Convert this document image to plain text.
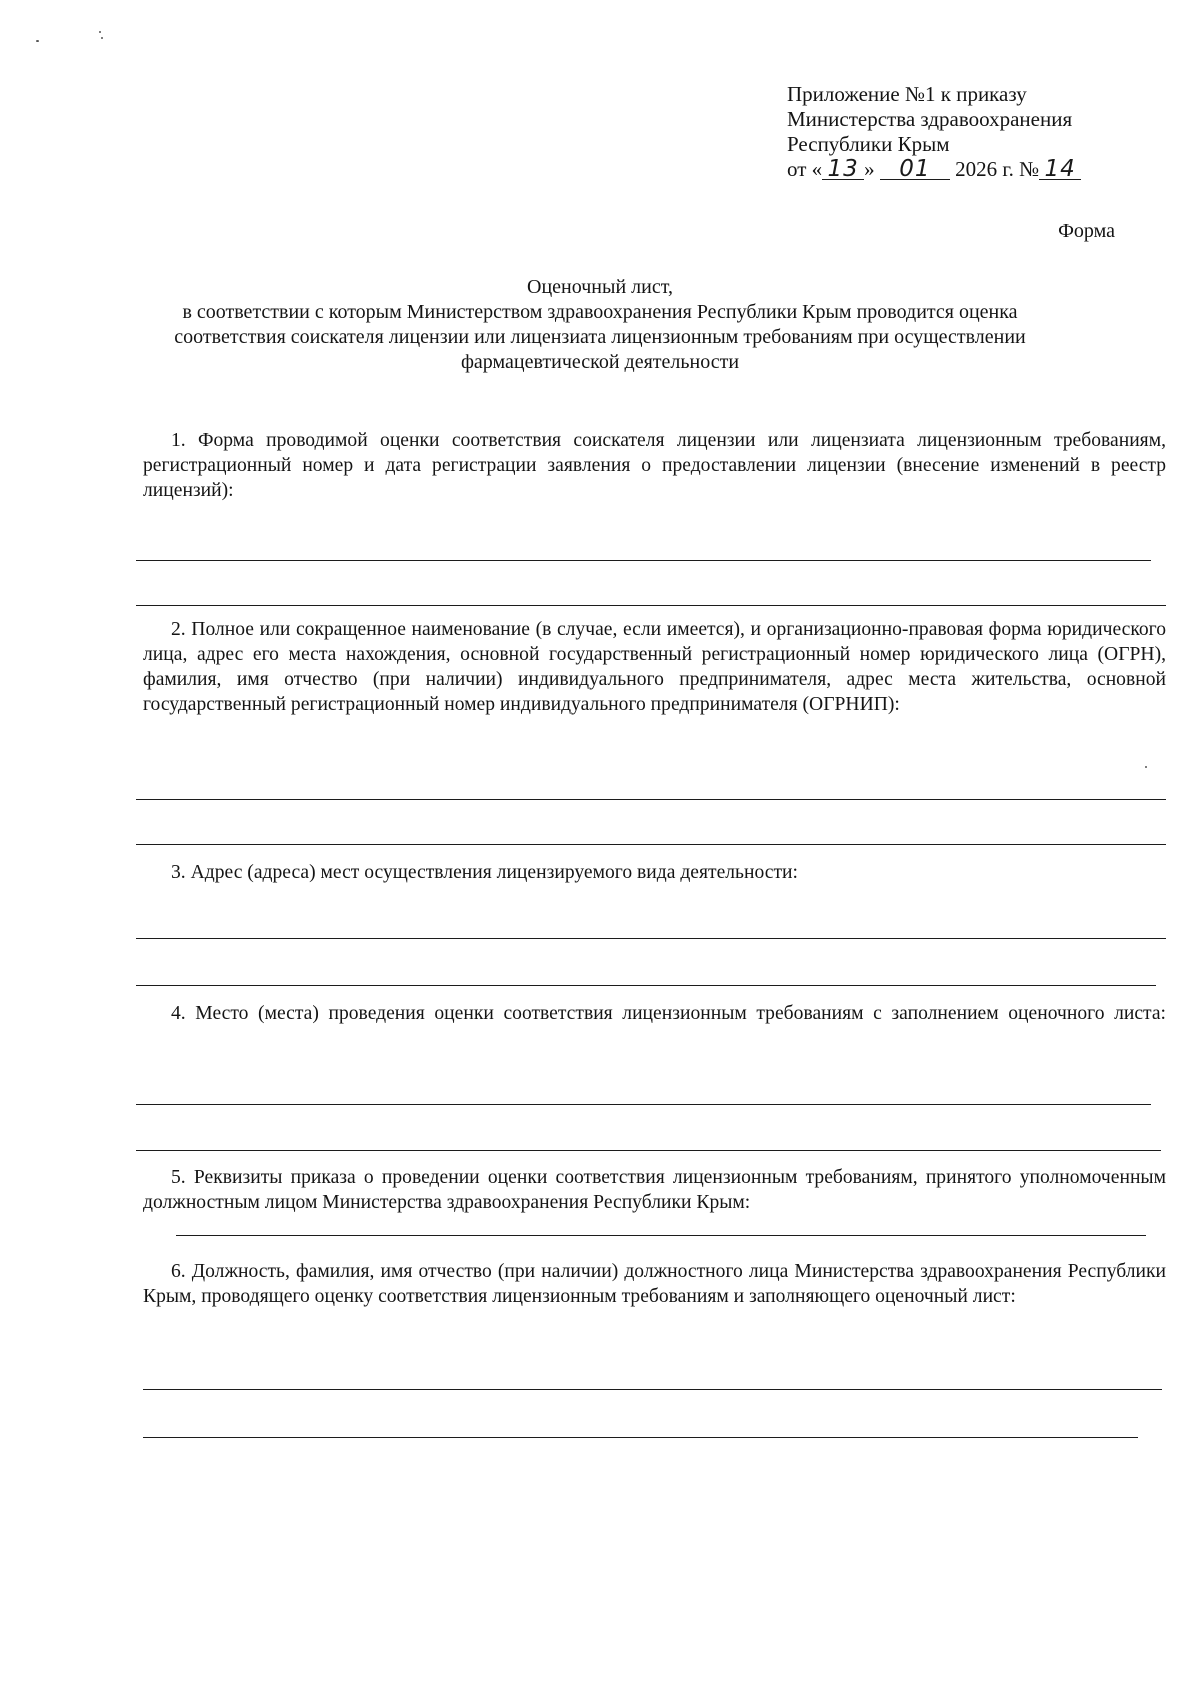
Приложение №1 к приказу
Министерства здравоохранения
Республики Крым
от « 13 » 01 2026 г. № 14
Форма
Оценочный лист,
в соответствии с которым Министерством здравоохранения Республики Крым проводится оценка
соответствия соискателя лицензии или лицензиата лицензионным требованиям при осуществлении
фармацевтической деятельности
1. Форма проводимой оценки соответствия соискателя лицензии или лицензиата лицензионным требованиям, регистрационный номер и дата регистрации заявления о предоставлении лицензии (внесение изменений в реестр лицензий):
2. Полное или сокращенное наименование (в случае, если имеется), и организационно-правовая форма юридического лица, адрес его места нахождения, основной государственный регистрационный номер юридического лица (ОГРН), фамилия, имя отчество (при наличии) индивидуального предпринимателя, адрес места жительства, основной государственный регистрационный номер индивидуального предпринимателя (ОГРНИП):
3. Адрес (адреса) мест осуществления лицензируемого вида деятельности:
4. Место (места) проведения оценки соответствия лицензионным требованиям с заполнением оценочного листа:
5. Реквизиты приказа о проведении оценки соответствия лицензионным требованиям, принятого уполномоченным должностным лицом Министерства здравоохранения Республики Крым:
6. Должность, фамилия, имя отчество (при наличии) должностного лица Министерства здравоохранения Республики Крым, проводящего оценку соответствия лицензионным требованиям и заполняющего оценочный лист:
